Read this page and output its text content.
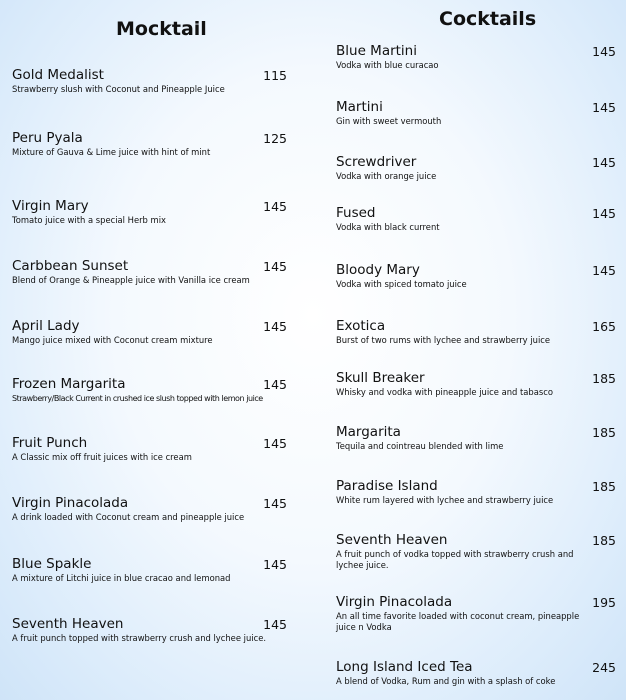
Mocktail	Cocktails
Gold Medalist
Strawberry slush with Coconut and Pineapple Juice
115
Peru Pyala
Mixture of Gauva & Lime juice with hint of mint
125
Virgin Mary
Tomato juice with a special Herb mix
145
Carbbean Sunset
Blend of Orange & Pineapple juice with Vanilla ice cream
145
April Lady
Mango juice mixed with Coconut cream mixture
145
Frozen Margarita
Strawberry/Black Current in crushed ice slush topped with lemon juice
145
Fruit Punch
A Classic mix off fruit juices with ice cream
145
Virgin Pinacolada
A drink loaded with Coconut cream and pineapple juice
145
Blue Spakle
A mixture of Litchi juice in blue cracao and lemonad
145
Seventh Heaven
A fruit punch topped with strawberry crush and lychee juice.
145
Blue Martini
Vodka with blue curacao
145
Martini
Gin with sweet vermouth
145
Screwdriver
Vodka with orange juice
145
Fused
Vodka with black current
145
Bloody Mary
Vodka with spiced tomato juice
145
Exotica
Burst of two rums with lychee and strawberry juice
165
Skull Breaker
Whisky and vodka with pineapple juice and tabasco
185
Margarita
Tequila and cointreau blended with lime
185
Paradise Island
White rum layered with lychee and strawberry juice
185
Seventh Heaven
A fruit punch of vodka topped with strawberry crush and lychee juice.
185
Virgin Pinacolada
An all time favorite loaded with coconut cream, pineapple juice n Vodka
195
Long Island Iced Tea
A blend of Vodka, Rum and gin with a splash of coke
245
